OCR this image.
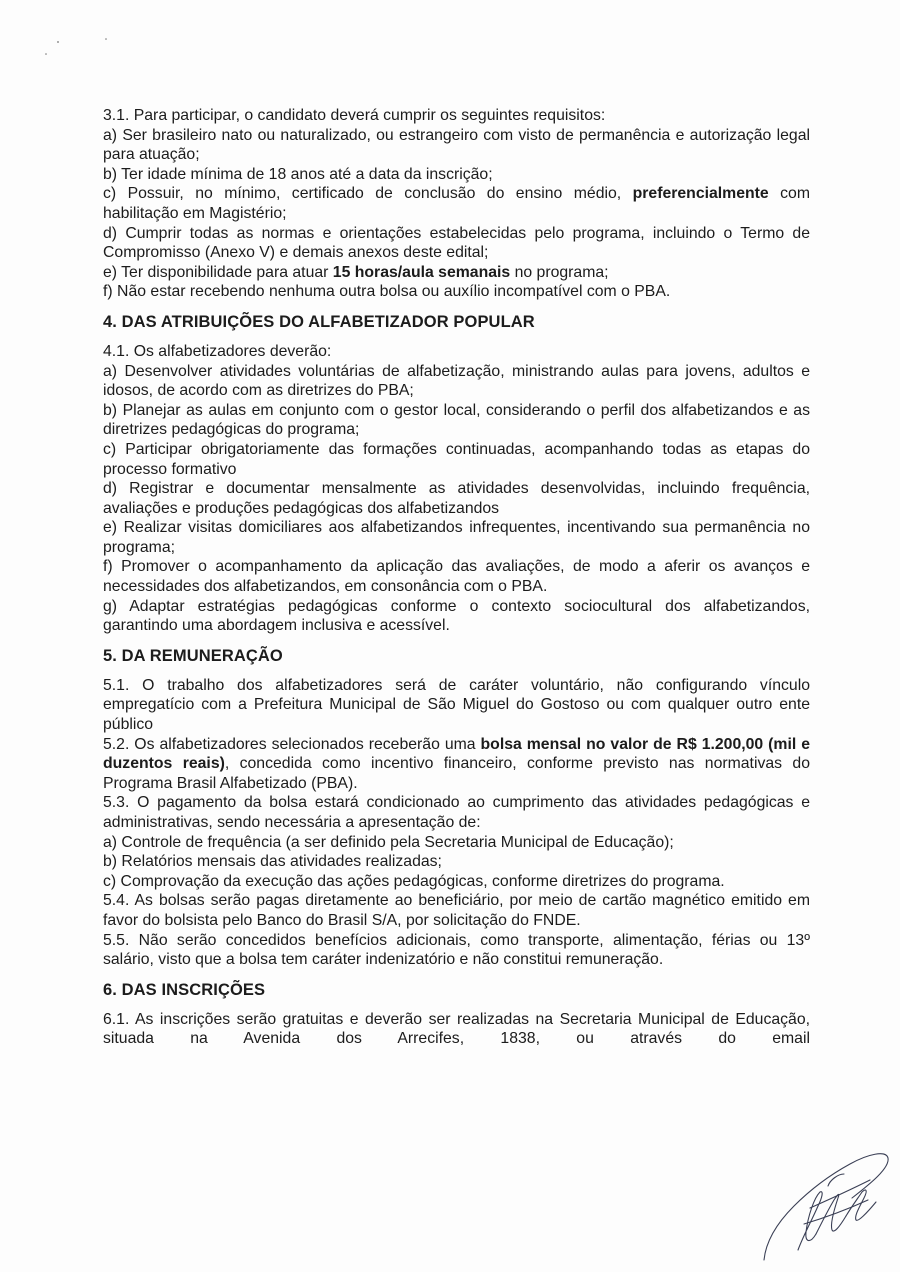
3.1. Para participar, o candidato deverá cumprir os seguintes requisitos:

a) Ser brasileiro nato ou naturalizado, ou estrangeiro com visto de permanência e autorização legal para atuação;

b) Ter idade mínima de 18 anos até a data da inscrição;

c) Possuir, no mínimo, certificado de conclusão do ensino médio, preferencialmente com habilitação em Magistério;

d) Cumprir todas as normas e orientações estabelecidas pelo programa, incluindo o Termo de Compromisso (Anexo V) e demais anexos deste edital;

e) Ter disponibilidade para atuar 15 horas/aula semanais no programa;

f) Não estar recebendo nenhuma outra bolsa ou auxílio incompatível com o PBA.

4. DAS ATRIBUIÇÕES DO ALFABETIZADOR POPULAR

4.1. Os alfabetizadores deverão:

a) Desenvolver atividades voluntárias de alfabetização, ministrando aulas para jovens, adultos e idosos, de acordo com as diretrizes do PBA;

b) Planejar as aulas em conjunto com o gestor local, considerando o perfil dos alfabetizandos e as diretrizes pedagógicas do programa;

c) Participar obrigatoriamente das formações continuadas, acompanhando todas as etapas do processo formativo

d) Registrar e documentar mensalmente as atividades desenvolvidas, incluindo frequência, avaliações e produções pedagógicas dos alfabetizandos

e) Realizar visitas domiciliares aos alfabetizandos infrequentes, incentivando sua permanência no programa;

f) Promover o acompanhamento da aplicação das avaliações, de modo a aferir os avanços e necessidades dos alfabetizandos, em consonância com o PBA.

g) Adaptar estratégias pedagógicas conforme o contexto sociocultural dos alfabetizandos, garantindo uma abordagem inclusiva e acessível.

5. DA REMUNERAÇÃO

5.1. O trabalho dos alfabetizadores será de caráter voluntário, não configurando vínculo empregatício com a Prefeitura Municipal de São Miguel do Gostoso ou com qualquer outro ente público

5.2. Os alfabetizadores selecionados receberão uma bolsa mensal no valor de R$ 1.200,00 (mil e duzentos reais), concedida como incentivo financeiro, conforme previsto nas normativas do Programa Brasil Alfabetizado (PBA).

5.3. O pagamento da bolsa estará condicionado ao cumprimento das atividades pedagógicas e administrativas, sendo necessária a apresentação de:

a) Controle de frequência (a ser definido pela Secretaria Municipal de Educação);

b) Relatórios mensais das atividades realizadas;

c) Comprovação da execução das ações pedagógicas, conforme diretrizes do programa.

5.4. As bolsas serão pagas diretamente ao beneficiário, por meio de cartão magnético emitido em favor do bolsista pelo Banco do Brasil S/A, por solicitação do FNDE.

5.5. Não serão concedidos benefícios adicionais, como transporte, alimentação, férias ou 13º salário, visto que a bolsa tem caráter indenizatório e não constitui remuneração.

6. DAS INSCRIÇÕES

6.1. As inscrições serão gratuitas e deverão ser realizadas na Secretaria Municipal de Educação, situada na Avenida dos Arrecifes, 1838, ou através do email
